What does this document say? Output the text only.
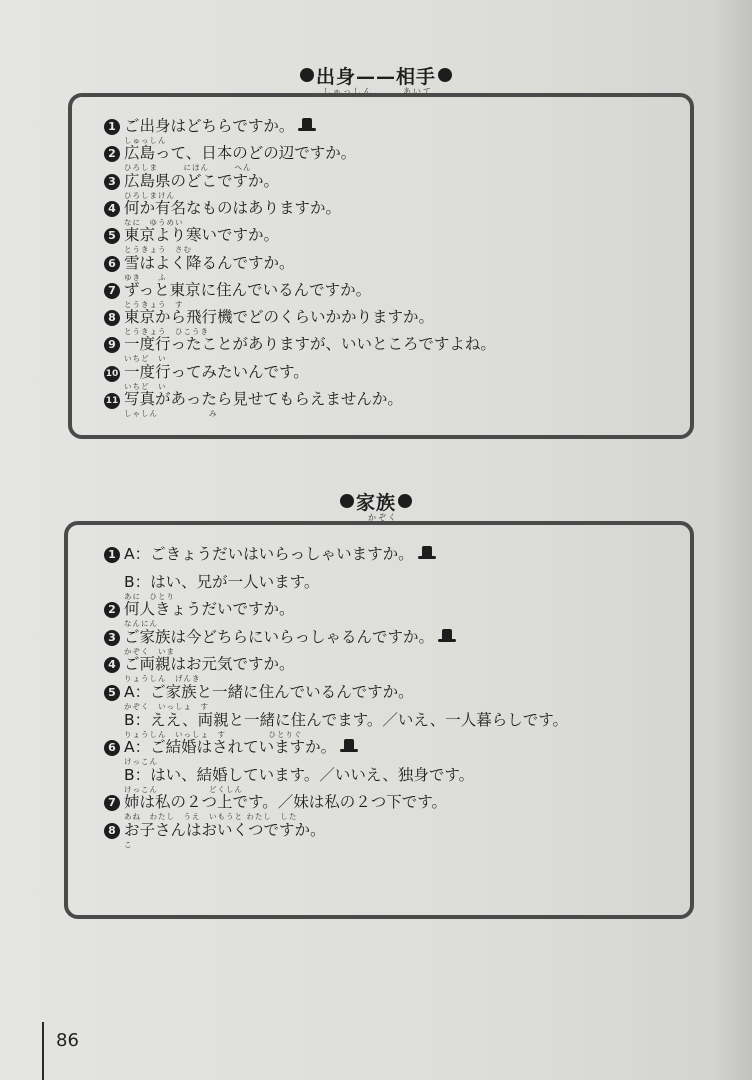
出身——相手
しゅっしん	あいて
1 ご出身はどちらですか。
しゅっしん
2 広島って、日本のどの辺ですか。
ひろしま　　　にほん　　　へん
3 広島県のどこですか。
ひろしまけん
4 何か有名なものはありますか。
なに　ゆうめい
5 東京より寒いですか。
とうきょう　さむ
6 雪はよく降るんですか。
ゆき　　ふ
7 ずっと東京に住んでいるんですか。
とうきょう　す
8 東京から飛行機でどのくらいかかりますか。
とうきょう　ひこうき
9 一度行ったことがありますが、いいところですよね。
いちど　い
10 一度行ってみたいんです。
いちど　い
11 写真があったら見せてもらえませんか。
しゃしん　　　　　　み
家族
かぞく
1 A：ごきょうだいはいらっしゃいますか。
B：はい、兄が一人います。
あに　ひとり
2 何人きょうだいですか。
なんにん
3 ご家族は今どちらにいらっしゃるんですか。
かぞく　いま
4 ご両親はお元気ですか。
りょうしん　げんき
5 A：ご家族と一緒に住んでいるんですか。
かぞく　いっしょ　す
B：ええ、両親と一緒に住んでます。／いえ、一人暮らしです。
りょうしん　いっしょ　す　　　　　ひとりぐ
6 A：ご結婚はされていますか。
けっこん
B：はい、結婚しています。／いいえ、独身です。
けっこん　　　　　　どくしん
7 姉は私の２つ上です。／妹は私の２つ下です。
あね　わたし　うえ　いもうと わたし　した
8 お子さんはおいくつですか。
こ
86
